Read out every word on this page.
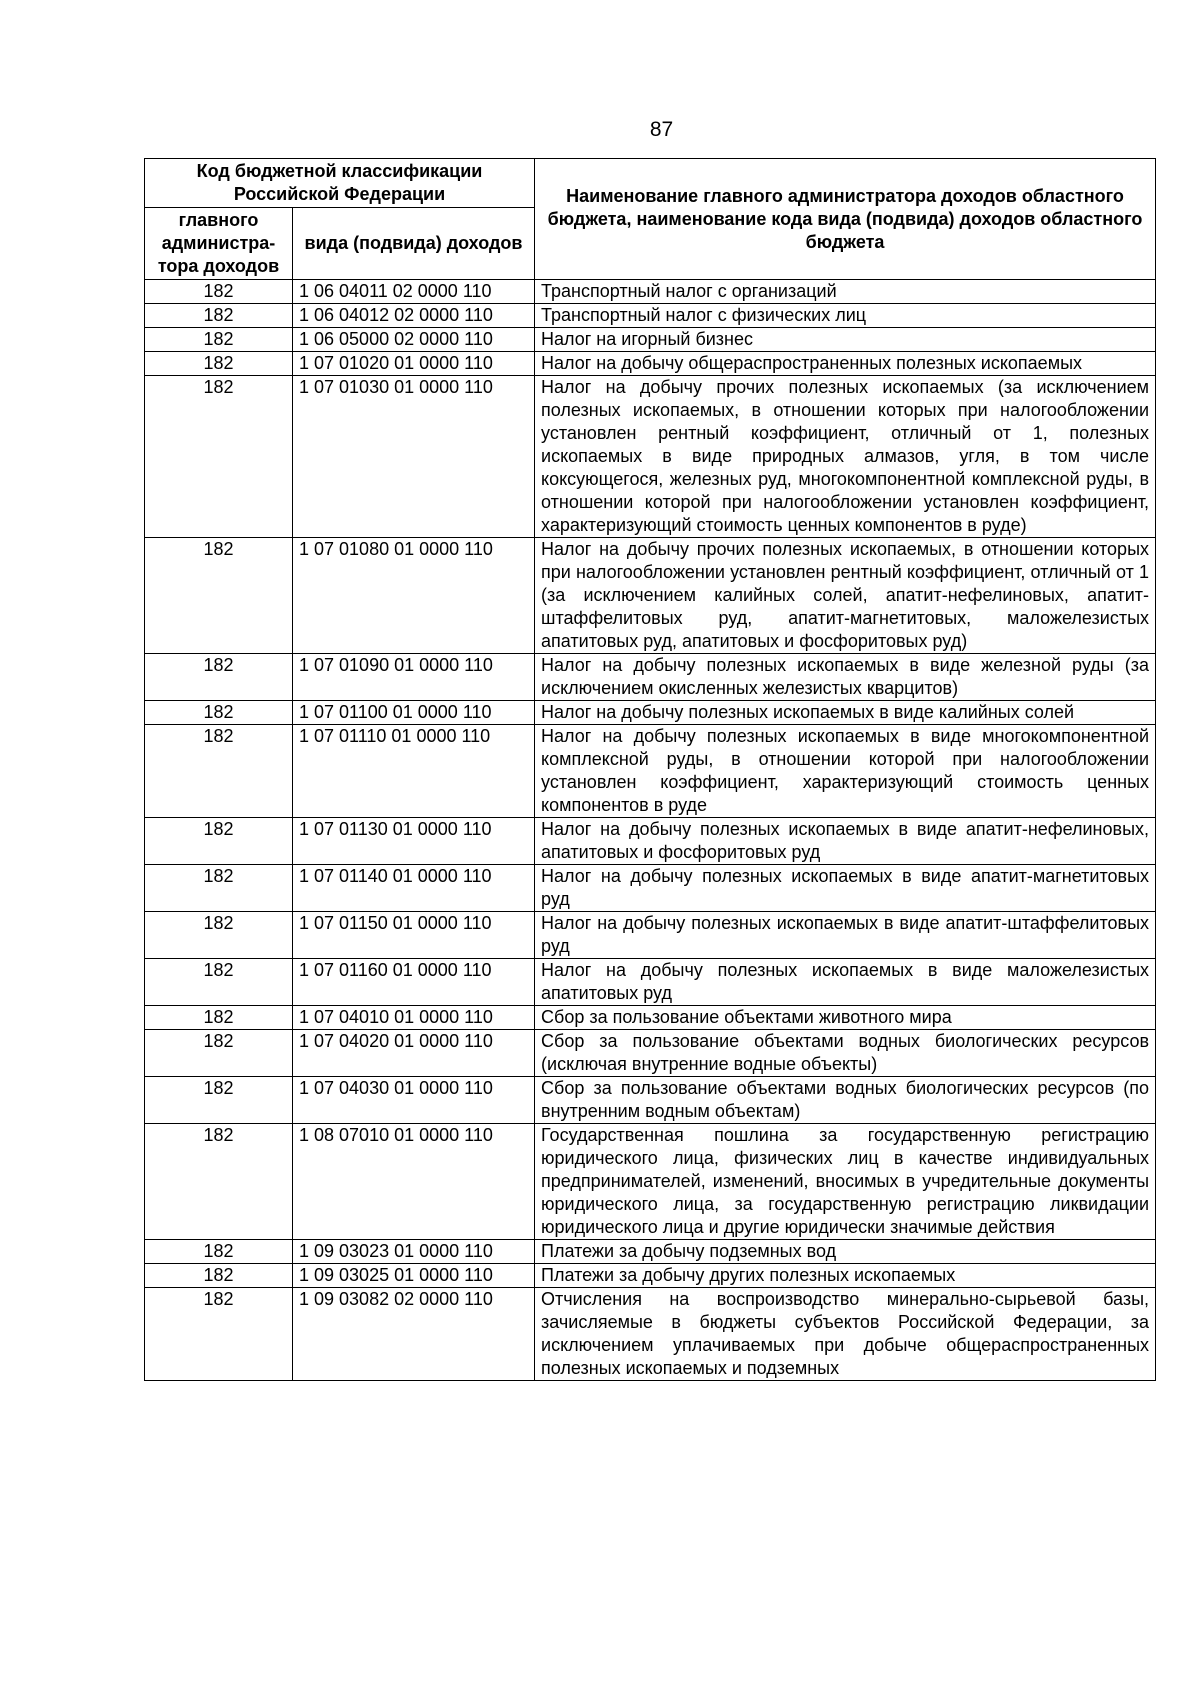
87
Код бюджетной классификации Российской Федерации		Наименование главного администратора доходов областного бюджета, наименование кода вида (подвида) доходов областного бюджета
главного администра-тора доходов	вида (подвида) доходов	
182	1 06 04011 02 0000 110	Транспортный налог с организаций
182	1 06 04012 02 0000 110	Транспортный налог с физических лиц
182	1 06 05000 02 0000 110	Налог на игорный бизнес
182	1 07 01020 01 0000 110	Налог на добычу общераспространенных полезных ископаемых
182	1 07 01030 01 0000 110	Налог на добычу прочих полезных ископаемых (за исключением полезных ископаемых, в отношении которых при налогообложении установлен рентный коэффициент, отличный от 1, полезных ископаемых в виде природных алмазов, угля, в том числе коксующегося, железных руд, многокомпонентной комплексной руды, в отношении которой при налогообложении установлен коэффициент, характеризующий стоимость ценных компонентов в руде)
182	1 07 01080 01 0000 110	Налог на добычу прочих полезных ископаемых, в отношении которых при налогообложении установлен рентный коэффициент, отличный от 1 (за исключением калийных солей, апатит-нефелиновых, апатит-штаффелитовых руд, апатит-магнетитовых, маложелезистых апатитовых руд, апатитовых и фосфоритовых руд)
182	1 07 01090 01 0000 110	Налог на добычу полезных ископаемых в виде железной руды (за исключением окисленных железистых кварцитов)
182	1 07 01100 01 0000 110	Налог на добычу полезных ископаемых в виде калийных солей
182	1 07 01110 01 0000 110	Налог на добычу полезных ископаемых в виде многокомпонентной комплексной руды, в отношении которой при налогообложении установлен коэффициент, характеризующий стоимость ценных компонентов в руде
182	1 07 01130 01 0000 110	Налог на добычу полезных ископаемых в виде апатит-нефелиновых, апатитовых и фосфоритовых руд
182	1 07 01140 01 0000 110	Налог на добычу полезных ископаемых в виде апатит-магнетитовых руд
182	1 07 01150 01 0000 110	Налог на добычу полезных ископаемых в виде апатит-штаффелитовых руд
182	1 07 01160 01 0000 110	Налог на добычу полезных ископаемых в виде маложелезистых апатитовых руд
182	1 07 04010 01 0000 110	Сбор за пользование объектами животного мира
182	1 07 04020 01 0000 110	Сбор за пользование объектами водных биологических ресурсов (исключая внутренние водные объекты)
182	1 07 04030 01 0000 110	Сбор за пользование объектами водных биологических ресурсов (по внутренним водным объектам)
182	1 08 07010 01 0000 110	Государственная пошлина за государственную регистрацию юридического лица, физических лиц в качестве индивидуальных предпринимателей, изменений, вносимых в учредительные документы юридического лица, за государственную регистрацию ликвидации юридического лица и другие юридически значимые действия
182	1 09 03023 01 0000 110	Платежи за добычу подземных вод
182	1 09 03025 01 0000 110	Платежи за добычу других полезных ископаемых
182	1 09 03082 02 0000 110	Отчисления на воспроизводство минерально-сырьевой базы, зачисляемые в бюджеты субъектов Российской Федерации, за исключением уплачиваемых при добыче общераспространенных полезных ископаемых и подземных
